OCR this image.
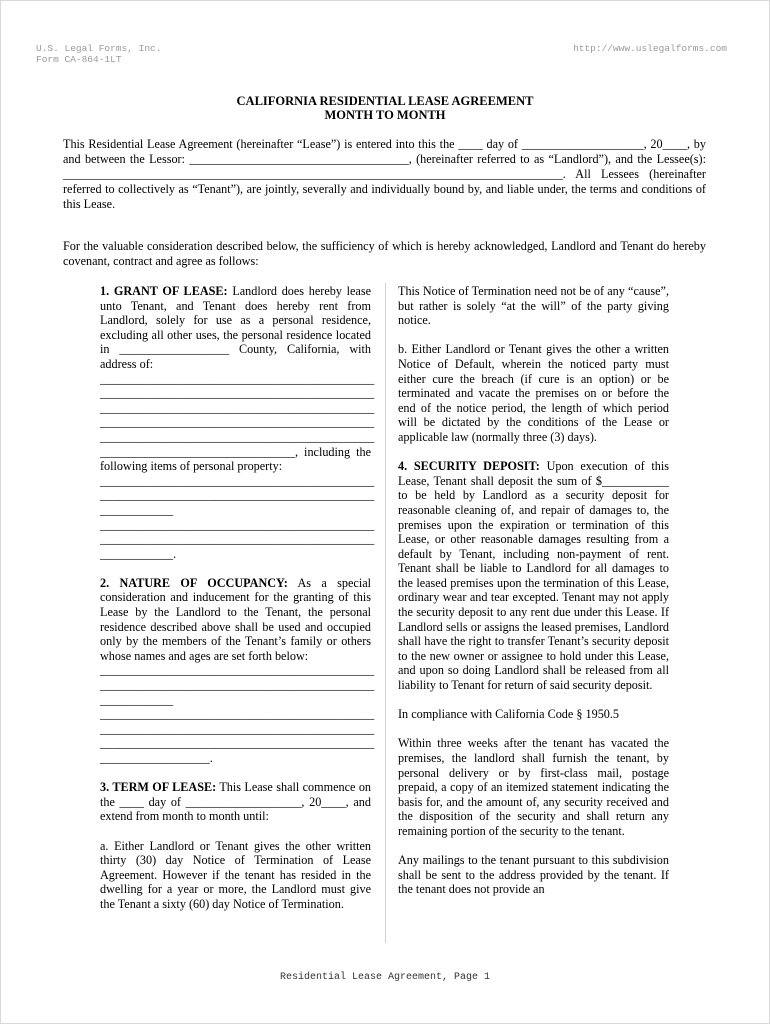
U.S. Legal Forms, Inc.
Form CA-864-1LT
http://www.uslegalforms.com
CALIFORNIA RESIDENTIAL LEASE AGREEMENT
MONTH TO MONTH

This Residential Lease Agreement (hereinafter “Lease”) is entered into this the ____ day of ____________________, 20____, by and between the Lessor: ____________________________________, (hereinafter referred to as “Landlord”), and the Lessee(s): __________________________________________________________________________________. All Lessees (hereinafter referred to collectively as “Tenant”), are jointly, severally and individually bound by, and liable under, the terms and conditions of this Lease.

For the valuable consideration described below, the sufficiency of which is hereby acknowledged, Landlord and Tenant do hereby covenant, contract and agree as follows:

1. GRANT OF LEASE: Landlord does hereby lease unto Tenant, and Tenant does hereby rent from Landlord, solely for use as a personal residence, excluding all other uses, the personal residence located in __________________ County, California, with address of:

_____________________________________________

_____________________________________________

_____________________________________________

_____________________________________________

_____________________________________________

________________________________, including the following items of personal property:

_____________________________________________

_____________________________________________

____________

_____________________________________________

_____________________________________________

____________.

2. NATURE OF OCCUPANCY: As a special consideration and inducement for the granting of this Lease by the Landlord to the Tenant, the personal residence described above shall be used and occupied only by the members of the Tenant’s family or others whose names and ages are set forth below:

_____________________________________________

_____________________________________________

____________

_____________________________________________

_____________________________________________

_____________________________________________

__________________.

3. TERM OF LEASE: This Lease shall commence on the ____ day of ___________________, 20____, and extend from month to month until:

a. Either Landlord or Tenant gives the other written thirty (30) day Notice of Termination of Lease Agreement. However if the tenant has resided in the dwelling for a year or more, the Landlord must give the Tenant a sixty (60) day Notice of Termination.

This Notice of Termination need not be of any “cause”, but rather is solely “at the will” of the party giving notice.

b. Either Landlord or Tenant gives the other a written Notice of Default, wherein the noticed party must either cure the breach (if cure is an option) or be terminated and vacate the premises on or before the end of the notice period, the length of which period will be dictated by the conditions of the Lease or applicable law (normally three (3) days).

4. SECURITY DEPOSIT: Upon execution of this Lease, Tenant shall deposit the sum of $___________ to be held by Landlord as a security deposit for reasonable cleaning of, and repair of damages to, the premises upon the expiration or termination of this Lease, or other reasonable damages resulting from a default by Tenant, including non-payment of rent. Tenant shall be liable to Landlord for all damages to the leased premises upon the termination of this Lease, ordinary wear and tear excepted. Tenant may not apply the security deposit to any rent due under this Lease. If Landlord sells or assigns the leased premises, Landlord shall have the right to transfer Tenant’s security deposit to the new owner or assignee to hold under this Lease, and upon so doing Landlord shall be released from all liability to Tenant for return of said security deposit.

In compliance with California Code § 1950.5

Within three weeks after the tenant has vacated the premises, the landlord shall furnish the tenant, by personal delivery or by first-class mail, postage prepaid, a copy of an itemized statement indicating the basis for, and the amount of, any security received and the disposition of the security and shall return any remaining portion of the security to the tenant.

Any mailings to the tenant pursuant to this subdivision shall be sent to the address provided by the tenant. If the tenant does not provide an

Residential Lease Agreement, Page 1
